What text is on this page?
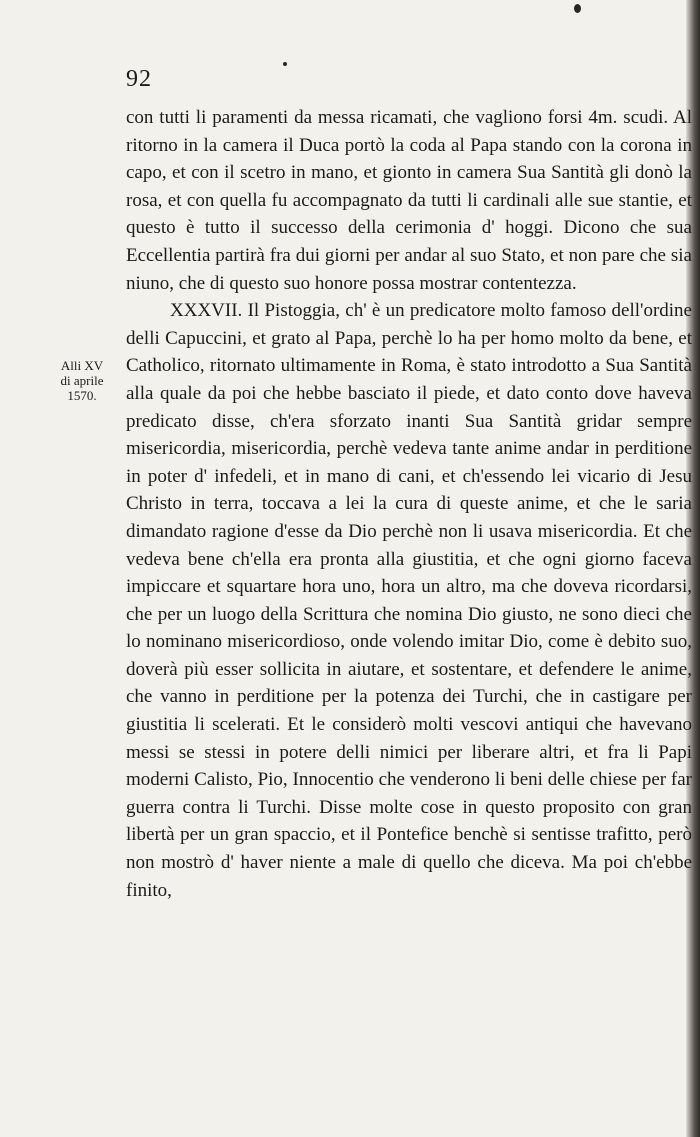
92
Alli XV
di aprile
1570.

con tutti li paramenti da messa ricamati, che vagliono forsi 4m. scudi. Al ritorno in la camera il Duca portò la coda al Papa stando con la corona in capo, et con il scetro in mano, et gionto in camera Sua Santità gli donò la rosa, et con quella fu accompagnato da tutti li cardinali alle sue stantie, et questo è tutto il successo della cerimonia d' hoggi. Dicono che sua Eccellentia partirà fra dui giorni per andar al suo Stato, et non pare che sia niuno, che di questo suo honore possa mostrar contentezza.

XXXVII. Il Pistoggia, ch' è un predicatore molto famoso dell'ordine delli Capuccini, et grato al Papa, perchè lo ha per homo molto da bene, et Catholico, ritornato ultimamente in Roma, è stato introdotto a Sua Santità alla quale da poi che hebbe basciato il piede, et dato conto dove haveva predicato disse, ch'era sforzato inanti Sua Santità gridar sempre misericordia, misericordia, perchè vedeva tante anime andar in perditione in poter d' infedeli, et in mano di cani, et ch'essendo lei vicario di Jesu Christo in terra, toccava a lei la cura di queste anime, et che le saria dimandato ragione d'esse da Dio perchè non li usava misericordia. Et che vedeva bene ch'ella era pronta alla giustitia, et che ogni giorno faceva impiccare et squartare hora uno, hora un altro, ma che doveva ricordarsi, che per un luogo della Scrittura che nomina Dio giusto, ne sono dieci che lo nominano misericordioso, onde volendo imitar Dio, come è debito suo, doverà più esser sollicita in aiutare, et sostentare, et defendere le anime, che vanno in perditione per la potenza dei Turchi, che in castigare per giustitia li scelerati. Et le considerò molti vescovi antiqui che havevano messi se stessi in potere delli nimici per liberare altri, et fra li Papi moderni Calisto, Pio, Innocentio che venderono li beni delle chiese per far guerra contra li Turchi. Disse molte cose in questo proposito con gran libertà per un gran spaccio, et il Pontefice benchè si sentisse trafitto, però non mostrò d' haver niente a male di quello che diceva. Ma poi ch'ebbe finito,
